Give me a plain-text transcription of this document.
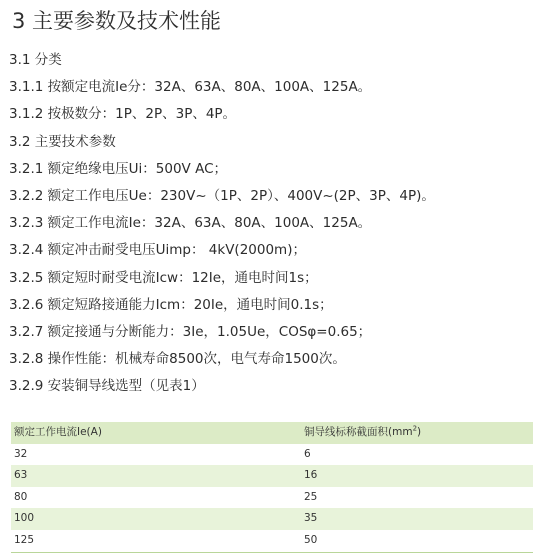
3 主要参数及技术性能
3.1 分类
3.1.1 按额定电流Ie分：32A、63A、80A、100A、125A。
3.1.2 按极数分：1P、2P、3P、4P。
3.2 主要技术参数
3.2.1 额定绝缘电压Ui：500V AC；
3.2.2 额定工作电压Ue：230V~（1P、2P）、400V~(2P、3P、4P)。
3.2.3 额定工作电流Ie：32A、63A、80A、100A、125A。
3.2.4 额定冲击耐受电压Uimp： 4kV(2000m)；
3.2.5 额定短时耐受电流Icw：12Ie，通电时间1s；
3.2.6 额定短路接通能力Icm：20Ie，通电时间0.1s；
3.2.7 额定接通与分断能力：3Ie，1.05Ue，COSφ=0.65；
3.2.8 操作性能：机械寿命8500次，电气寿命1500次。
3.2.9 安装铜导线选型（见表1）
额定工作电流Ie(A)	铜导线标称截面积$(mm^2)$
32	6
63	16
80	25
100	35
125	50
